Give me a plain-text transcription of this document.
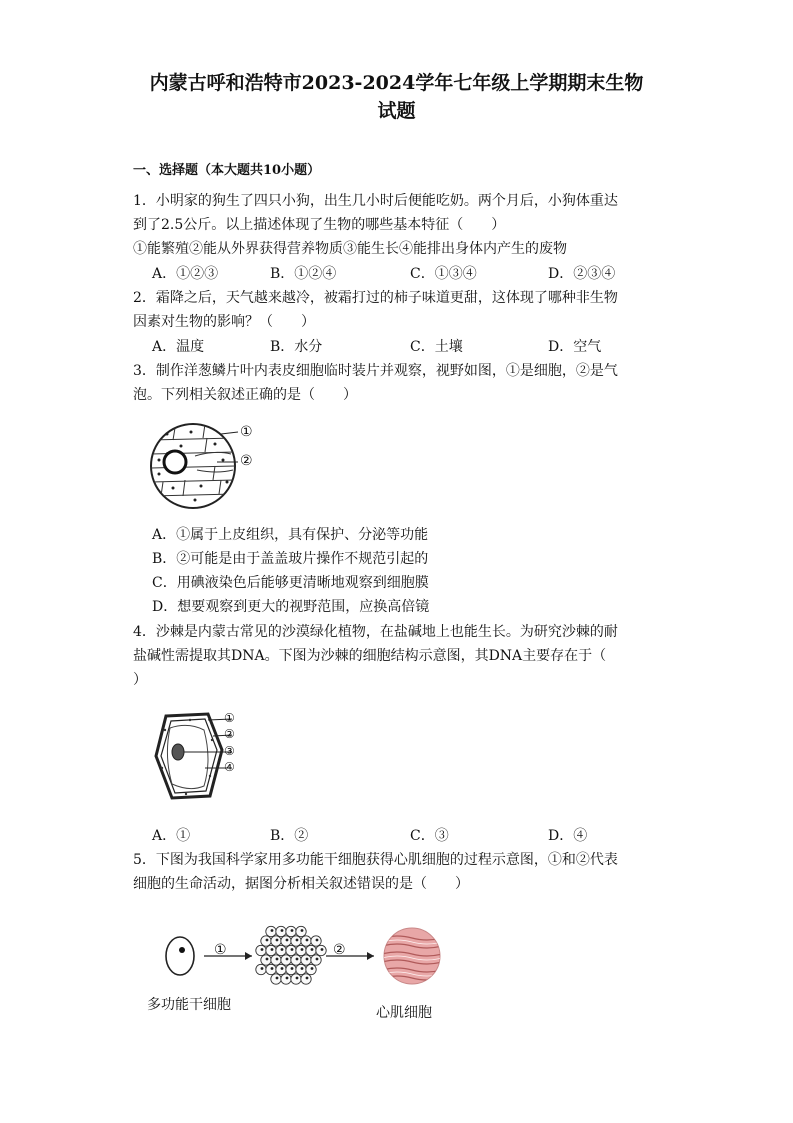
内蒙古呼和浩特市2023-2024学年七年级上学期期末生物
试题
一、选择题（本大题共10小题）
1．小明家的狗生了四只小狗，出生几小时后便能吃奶。两个月后，小狗体重达
到了2.5公斤。以上描述体现了生物的哪些基本特征（　　）
①能繁殖②能从外界获得营养物质③能生长④能排出身体内产生的废物
A．①②③	B．①②④	C．①③④	D．②③④
2．霜降之后，天气越来越冷，被霜打过的柿子味道更甜，这体现了哪种非生物
因素对生物的影响？（　　）
A．温度	B．水分	C．土壤	D．空气
3．制作洋葱鳞片叶内表皮细胞临时装片并观察，视野如图，①是细胞，②是气
泡。下列相关叙述正确的是（　　）
①
②
A．①属于上皮组织，具有保护、分泌等功能
B．②可能是由于盖盖玻片操作不规范引起的
C．用碘液染色后能够更清晰地观察到细胞膜
D．想要观察到更大的视野范围，应换高倍镜
4．沙棘是内蒙古常见的沙漠绿化植物，在盐碱地上也能生长。为研究沙棘的耐
盐碱性需提取其DNA。下图为沙棘的细胞结构示意图，其DNA主要存在于（
）
①
②
③
④
A．①	B．②	C．③	D．④
5．下图为我国科学家用多功能干细胞获得心肌细胞的过程示意图，①和②代表
细胞的生命活动，据图分析相关叙述错误的是（　　）
①	②
多功能干细胞	心肌细胞
